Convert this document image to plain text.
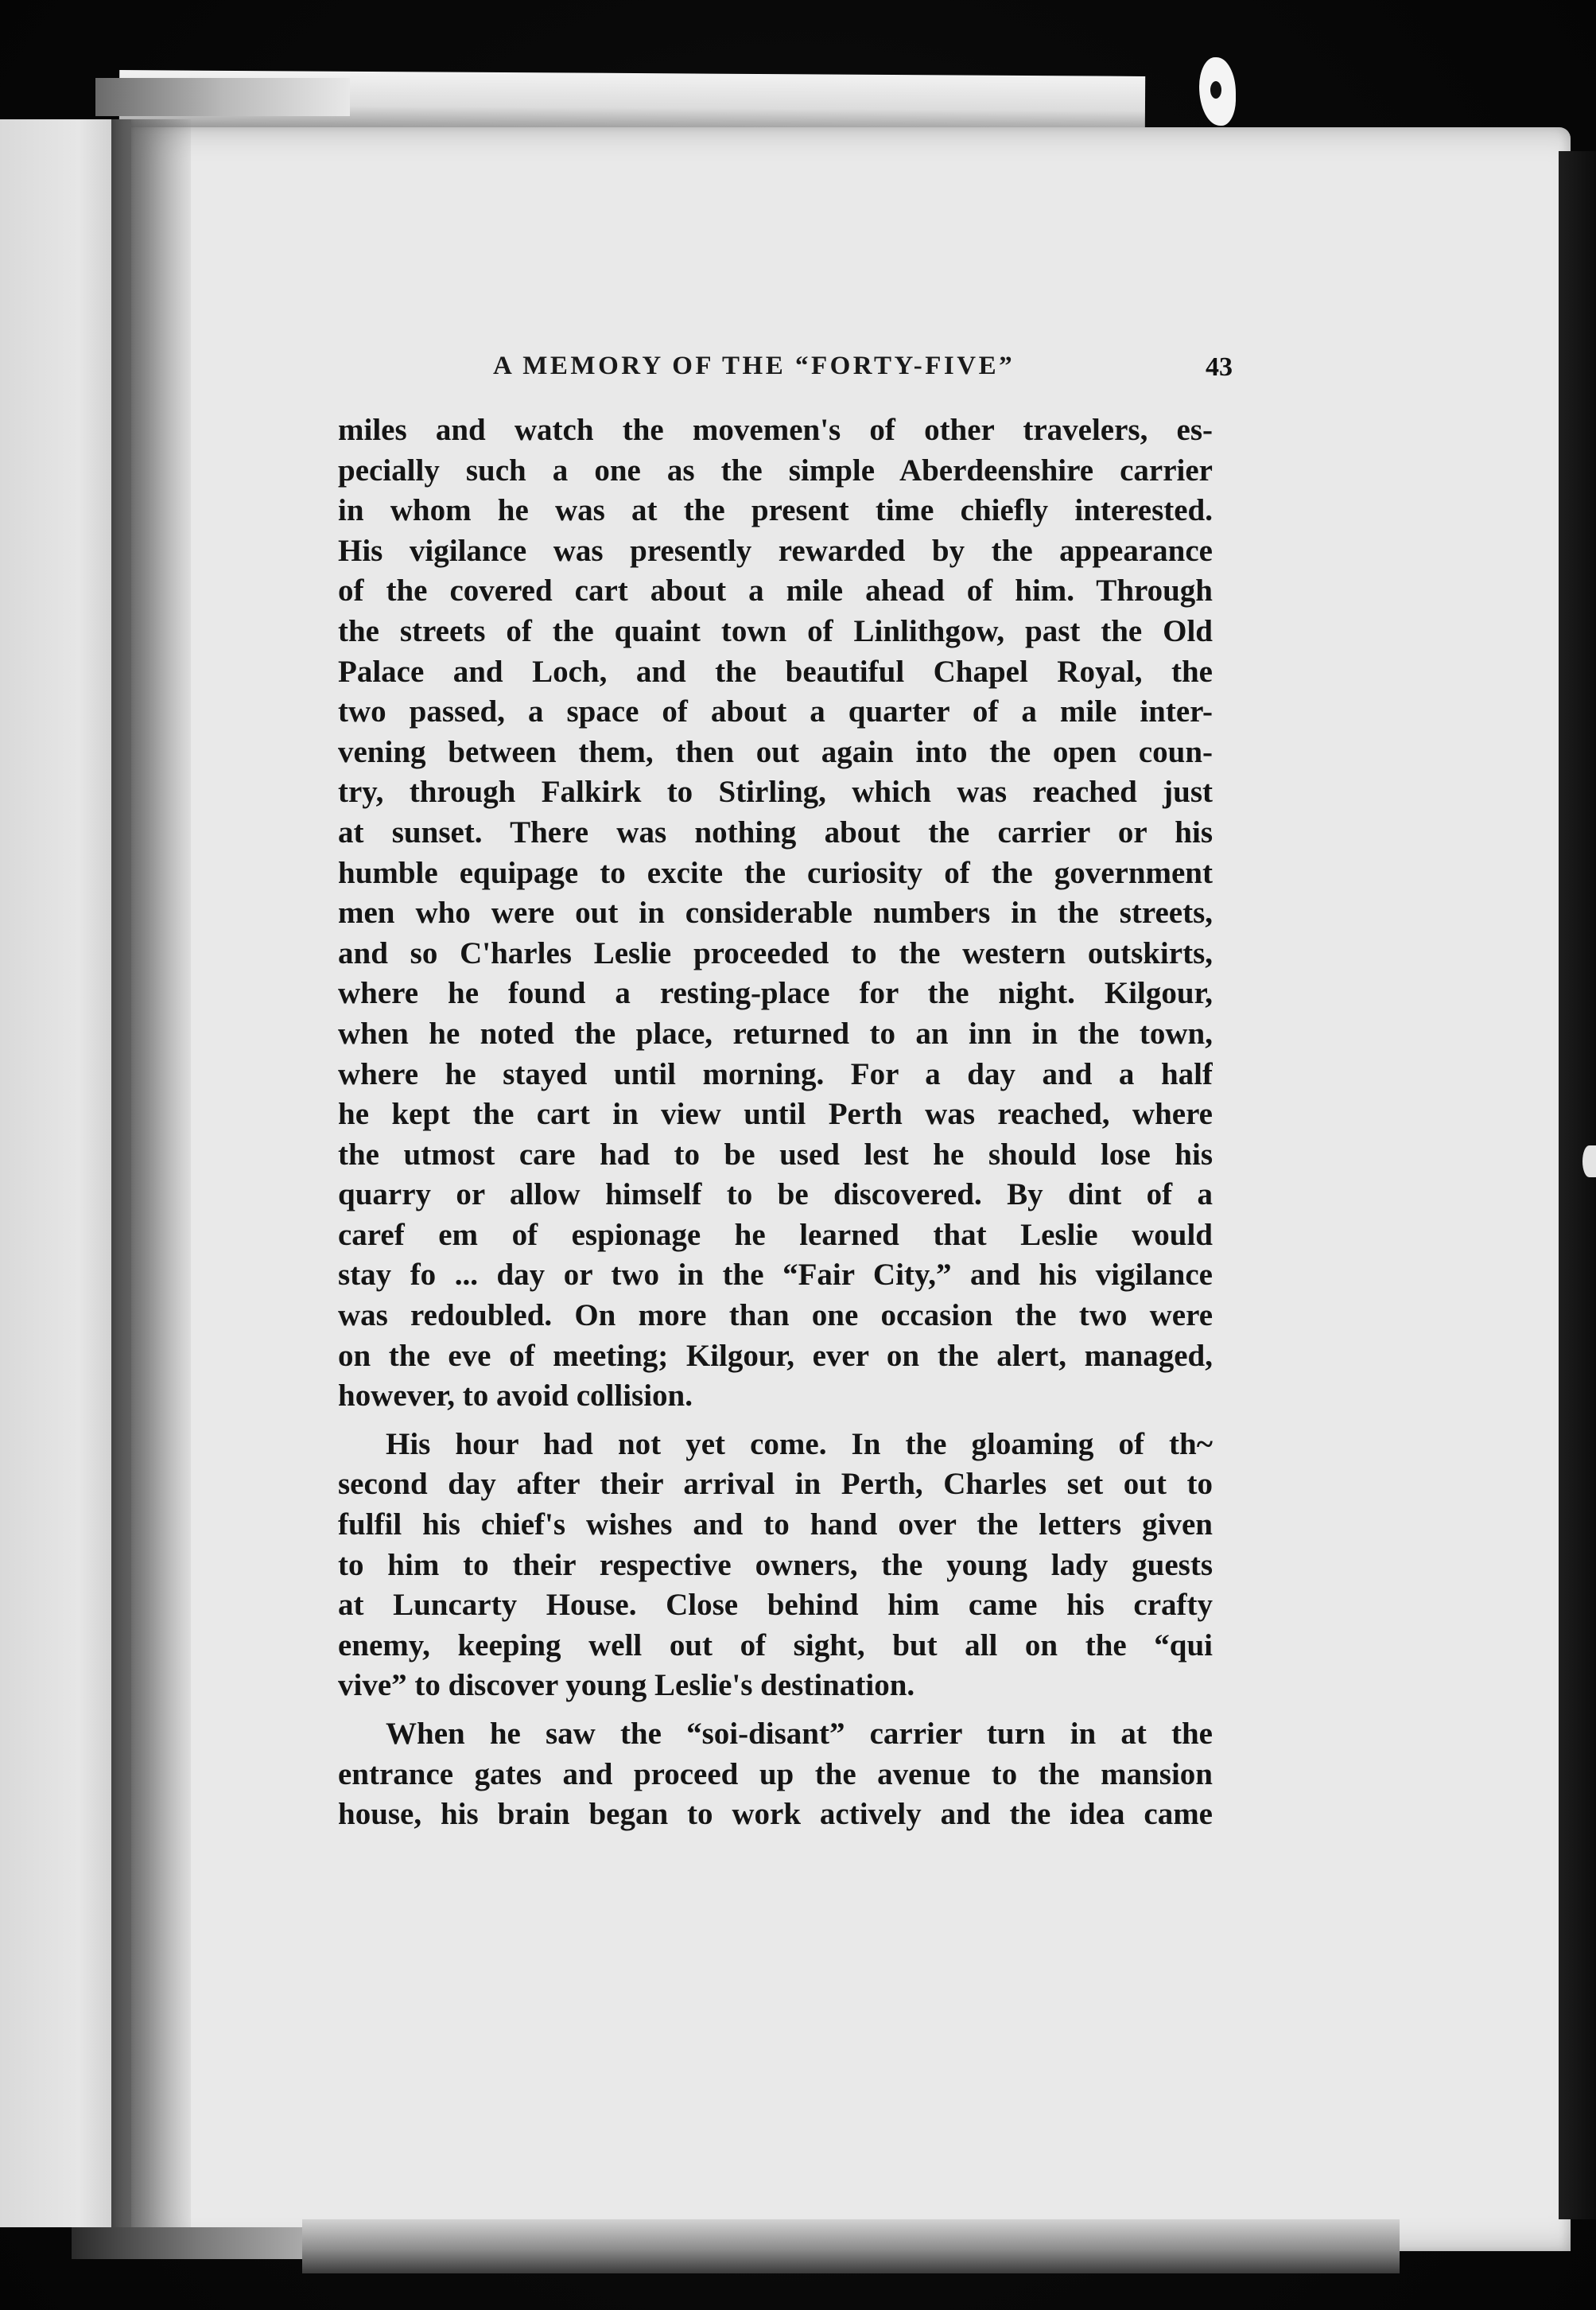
A MEMORY OF THE “FORTY-FIVE”	43
miles and watch the movemen's of other travelers, es-
pecially such a one as the simple Aberdeenshire carrier
in whom he was at the present time chiefly interested.
His vigilance was presently rewarded by the appearance
of the covered cart about a mile ahead of him. Through
the streets of the quaint town of Linlithgow, past the Old
Palace and Loch, and the beautiful Chapel Royal, the
two passed, a space of about a quarter of a mile inter-
vening between them, then out again into the open coun-
try, through Falkirk to Stirling, which was reached just
at sunset. There was nothing about the carrier or his
humble equipage to excite the curiosity of the government
men who were out in considerable numbers in the streets,
and so C'harles Leslie proceeded to the western outskirts,
where he found a resting-place for the night. Kilgour,
when he noted the place, returned to an inn in the town,
where he stayed until morning. For a day and a half
he kept the cart in view until Perth was reached, where
the utmost care had to be used lest he should lose his
quarry or allow himself to be discovered. By dint of a
caref em of espionage he learned that Leslie would
stay fo ... day or two in the “Fair City,” and his vigilance
was redoubled. On more than one occasion the two were
on the eve of meeting; Kilgour, ever on the alert, managed,
however, to avoid collision.
His hour had not yet come. In the gloaming of th~
second day after their arrival in Perth, Charles set out to
fulfil his chief's wishes and to hand over the letters given
to him to their respective owners, the young lady guests
at Luncarty House. Close behind him came his crafty
enemy, keeping well out of sight, but all on the “qui
vive” to discover young Leslie's destination.
When he saw the “soi-disant” carrier turn in at the
entrance gates and proceed up the avenue to the mansion
house, his brain began to work actively and the idea came
